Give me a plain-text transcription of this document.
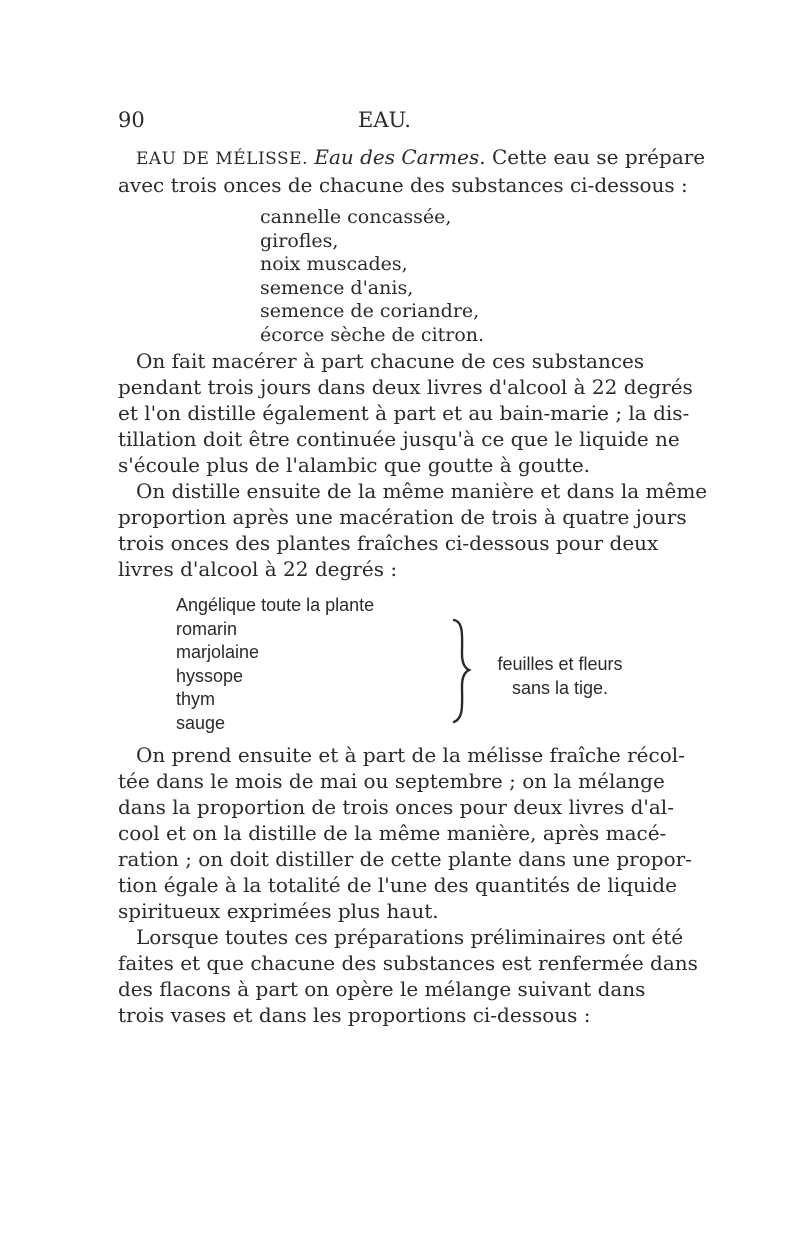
90	EAU.
EAU DE MÉLISSE. Eau des Carmes. Cette eau se prépare
avec trois onces de chacune des substances ci-dessous :
cannelle concassée,
girofles,
noix muscades,
semence d'anis,
semence de coriandre,
écorce sèche de citron.
On fait macérer à part chacune de ces substances
pendant trois jours dans deux livres d'alcool à 22 degrés
et l'on distille également à part et au bain-marie ; la dis-
tillation doit être continuée jusqu'à ce que le liquide ne
s'écoule plus de l'alambic que goutte à goutte.
On distille ensuite de la même manière et dans la même
proportion après une macération de trois à quatre jours
trois onces des plantes fraîches ci-dessous pour deux
livres d'alcool à 22 degrés :
Angélique toute la plante
romarin
marjolaine
hyssope
thym
sauge
feuilles et fleurs
sans la tige.
On prend ensuite et à part de la mélisse fraîche récol-
tée dans le mois de mai ou septembre ; on la mélange
dans la proportion de trois onces pour deux livres d'al-
cool et on la distille de la même manière, après macé-
ration ; on doit distiller de cette plante dans une propor-
tion égale à la totalité de l'une des quantités de liquide
spiritueux exprimées plus haut.
Lorsque toutes ces préparations préliminaires ont été
faites et que chacune des substances est renfermée dans
des flacons à part on opère le mélange suivant dans
trois vases et dans les proportions ci-dessous :
